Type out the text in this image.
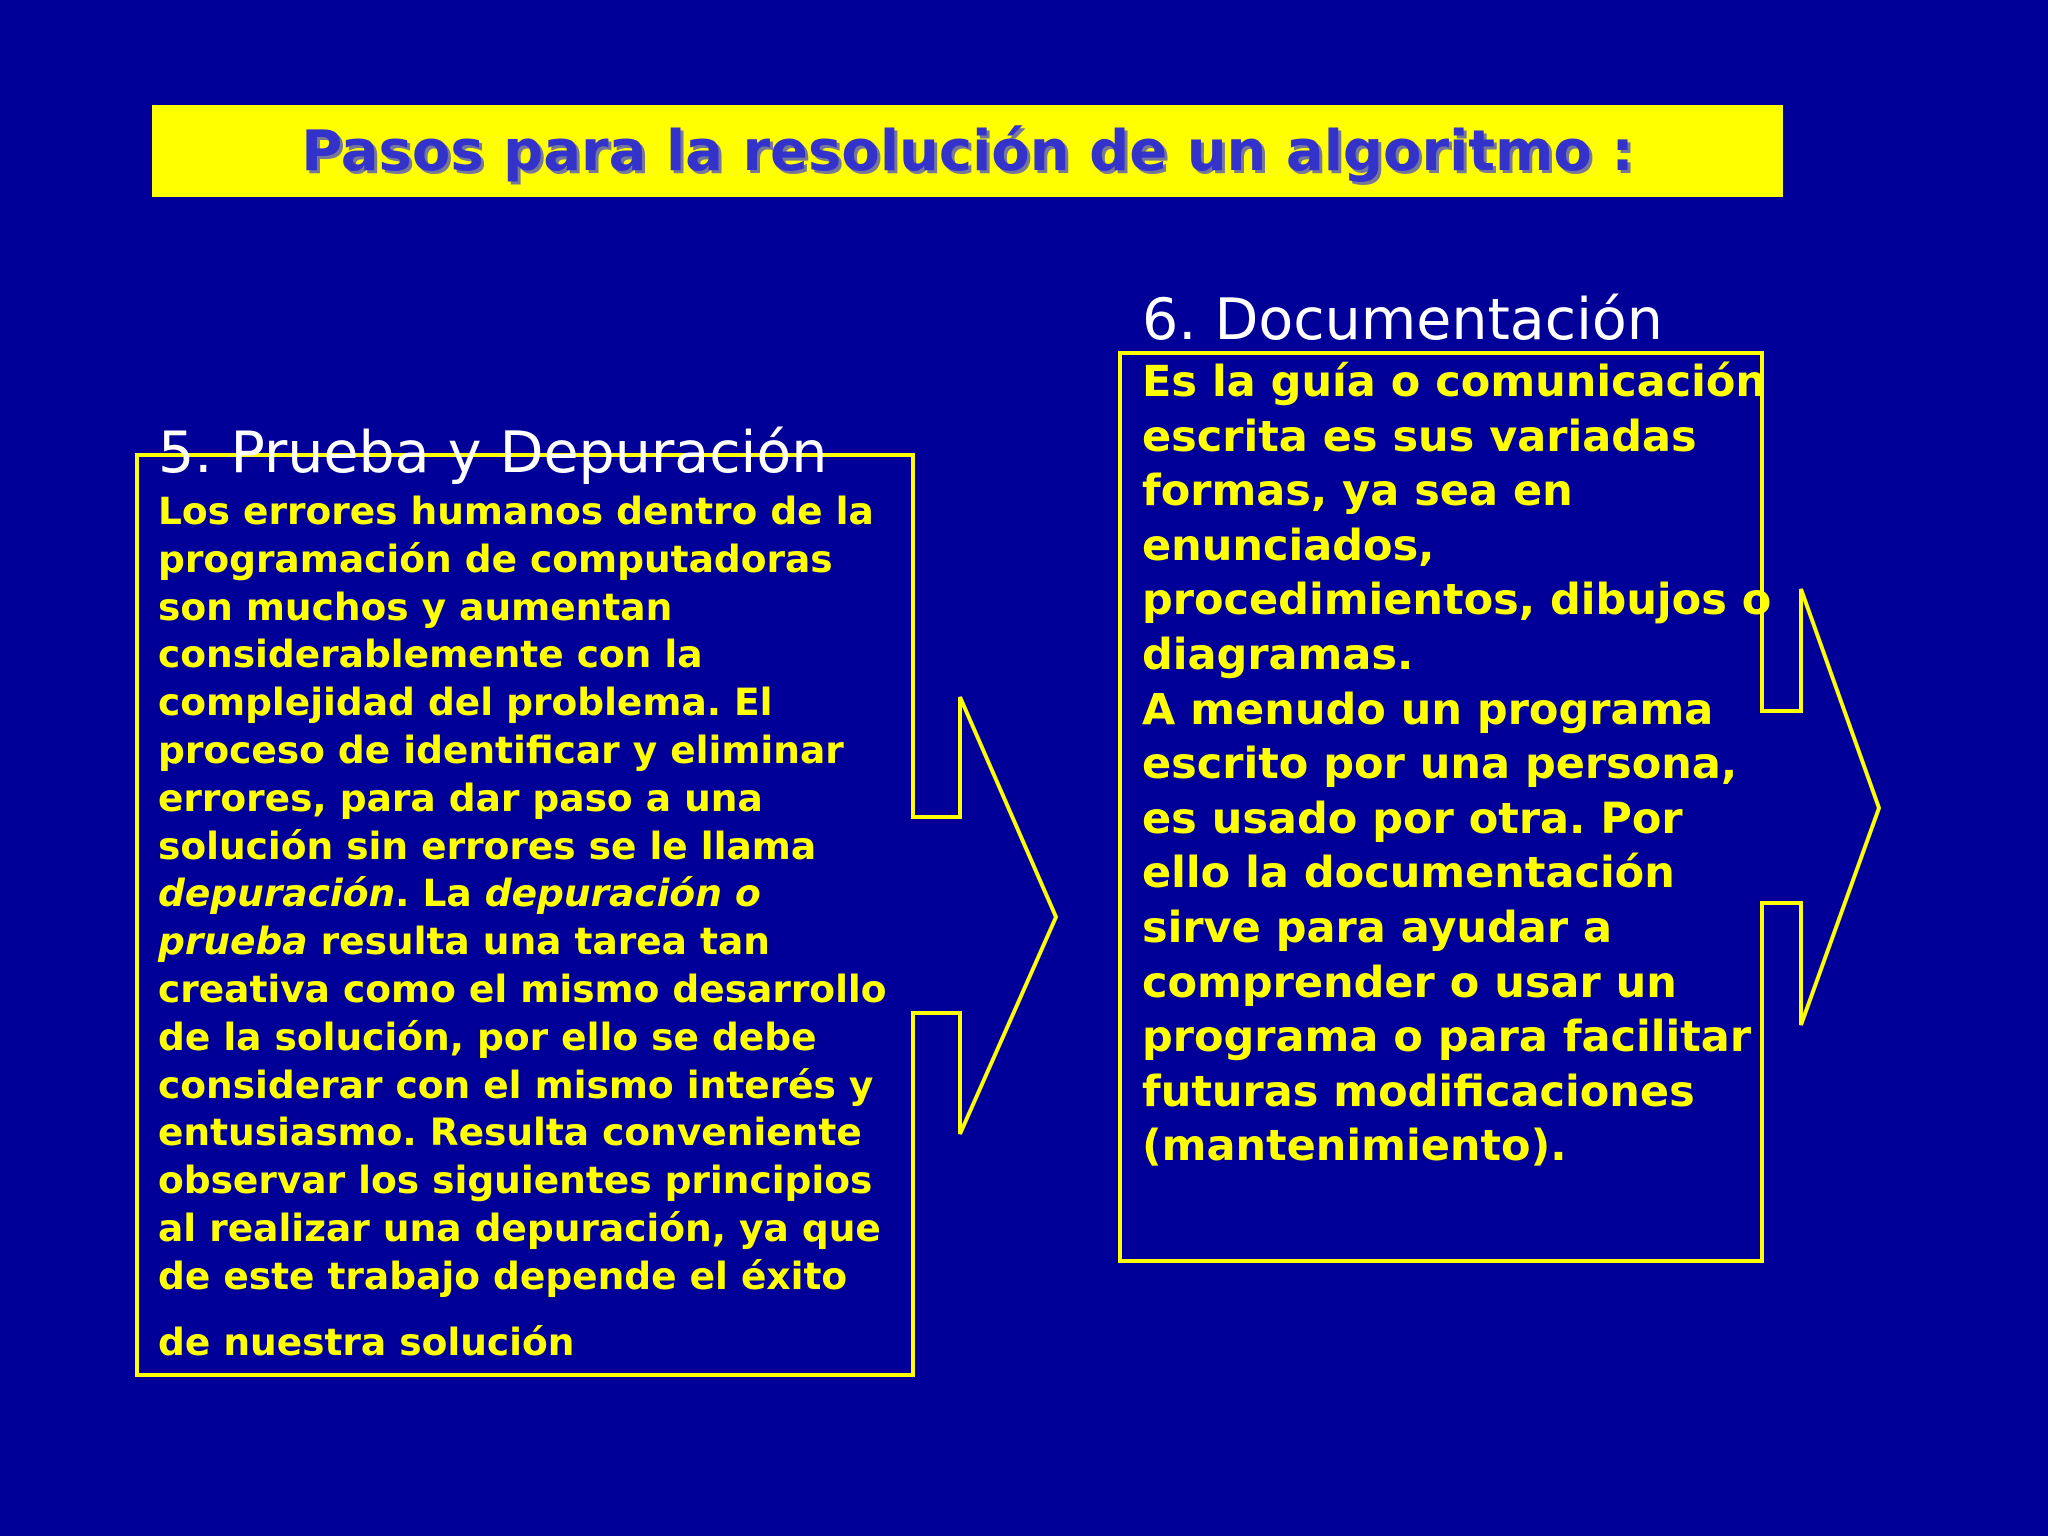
Pasos para la resolución de un algoritmo :
5. Prueba y Depuración

Los errores humanos dentro de la programación de computadoras son muchos y aumentan considerablemente con la complejidad del problema. El proceso de identificar y eliminar errores, para dar paso a una solución sin errores se le llama depuración. La depuración o prueba resulta una tarea tan creativa como el mismo desarrollo de la solución, por ello se debe considerar con el mismo interés y entusiasmo. Resulta conveniente observar los siguientes principios al realizar una depuración, ya que de este trabajo depende el éxito
de nuestra solución

6. Documentación

Es la guía o comunicación escrita es sus variadas formas, ya sea en enunciados, procedimientos, dibujos o diagramas.
A menudo un programa escrito por una persona, es usado por otra. Por ello la documentación sirve para ayudar a comprender o usar un programa o para facilitar futuras modificaciones (mantenimiento).
